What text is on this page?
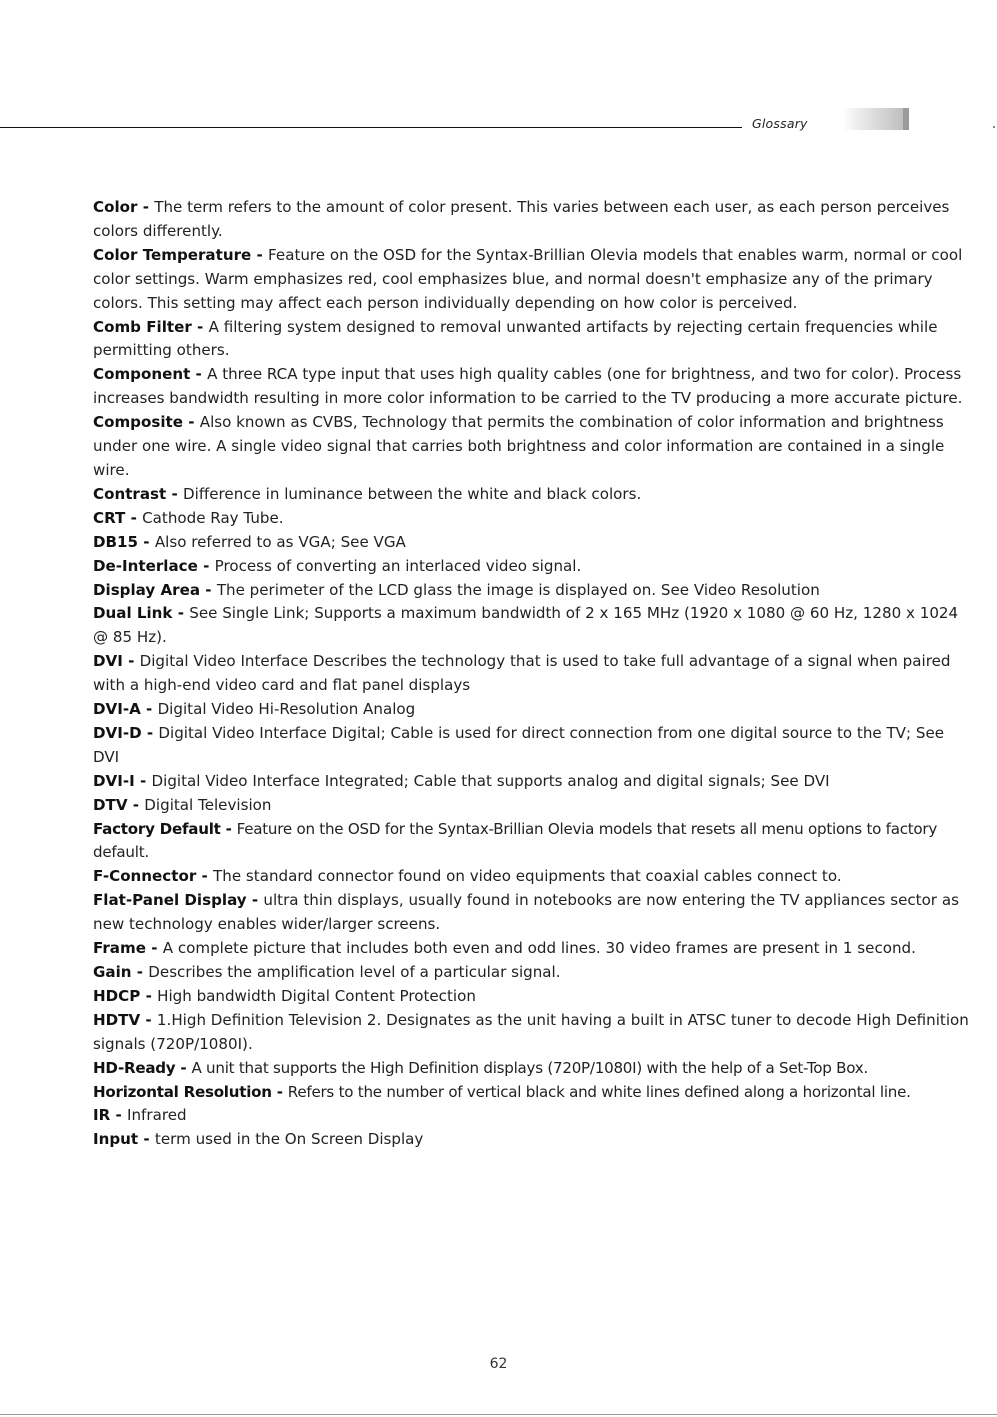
Glossary

Color - The term refers to the amount of color present. This varies between each user, as each person perceives colors differently.

Color Temperature - Feature on the OSD for the Syntax-Brillian Olevia models that enables warm, normal or cool color settings. Warm emphasizes red, cool emphasizes blue, and normal doesn't emphasize any of the primary colors. This setting may affect each person individually depending on how color is perceived.

Comb Filter - A filtering system designed to removal unwanted artifacts by rejecting certain frequencies while permitting others.

Component - A three RCA type input that uses high quality cables (one for brightness, and two for color). Process increases bandwidth resulting in more color information to be carried to the TV producing a more accurate picture.

Composite - Also known as CVBS, Technology that permits the combination of color information and brightness under one wire. A single video signal that carries both brightness and color information are contained in a single wire.

Contrast - Difference in luminance between the white and black colors.

CRT - Cathode Ray Tube.

DB15 - Also referred to as VGA; See VGA

De-Interlace - Process of converting an interlaced video signal.

Display Area - The perimeter of the LCD glass the image is displayed on. See Video Resolution

Dual Link - See Single Link; Supports a maximum bandwidth of 2 x 165 MHz (1920 x 1080 @ 60 Hz, 1280 x 1024 @ 85 Hz).

DVI - Digital Video Interface Describes the technology that is used to take full advantage of a signal when paired with a high-end video card and flat panel displays

DVI-A - Digital Video Hi-Resolution Analog

DVI-D - Digital Video Interface Digital; Cable is used for direct connection from one digital source to the TV; See DVI

DVI-I - Digital Video Interface Integrated; Cable that supports analog and digital signals; See DVI

DTV - Digital Television

Factory Default - Feature on the OSD for the Syntax-Brillian Olevia models that resets all menu options to factory default.

F-Connector - The standard connector found on video equipments that coaxial cables connect to.

Flat-Panel Display - ultra thin displays, usually found in notebooks are now entering the TV appliances sector as new technology enables wider/larger screens.

Frame - A complete picture that includes both even and odd lines. 30 video frames are present in 1 second.

Gain - Describes the amplification level of a particular signal.

HDCP - High bandwidth Digital Content Protection

HDTV - 1.High Definition Television 2. Designates as the unit having a built in ATSC tuner to decode High Definition signals (720P/1080I).

HD-Ready - A unit that supports the High Definition displays (720P/1080I) with the help of a Set-Top Box.

Horizontal Resolution - Refers to the number of vertical black and white lines defined along a horizontal line.

IR - Infrared

Input - term used in the On Screen Display

62
